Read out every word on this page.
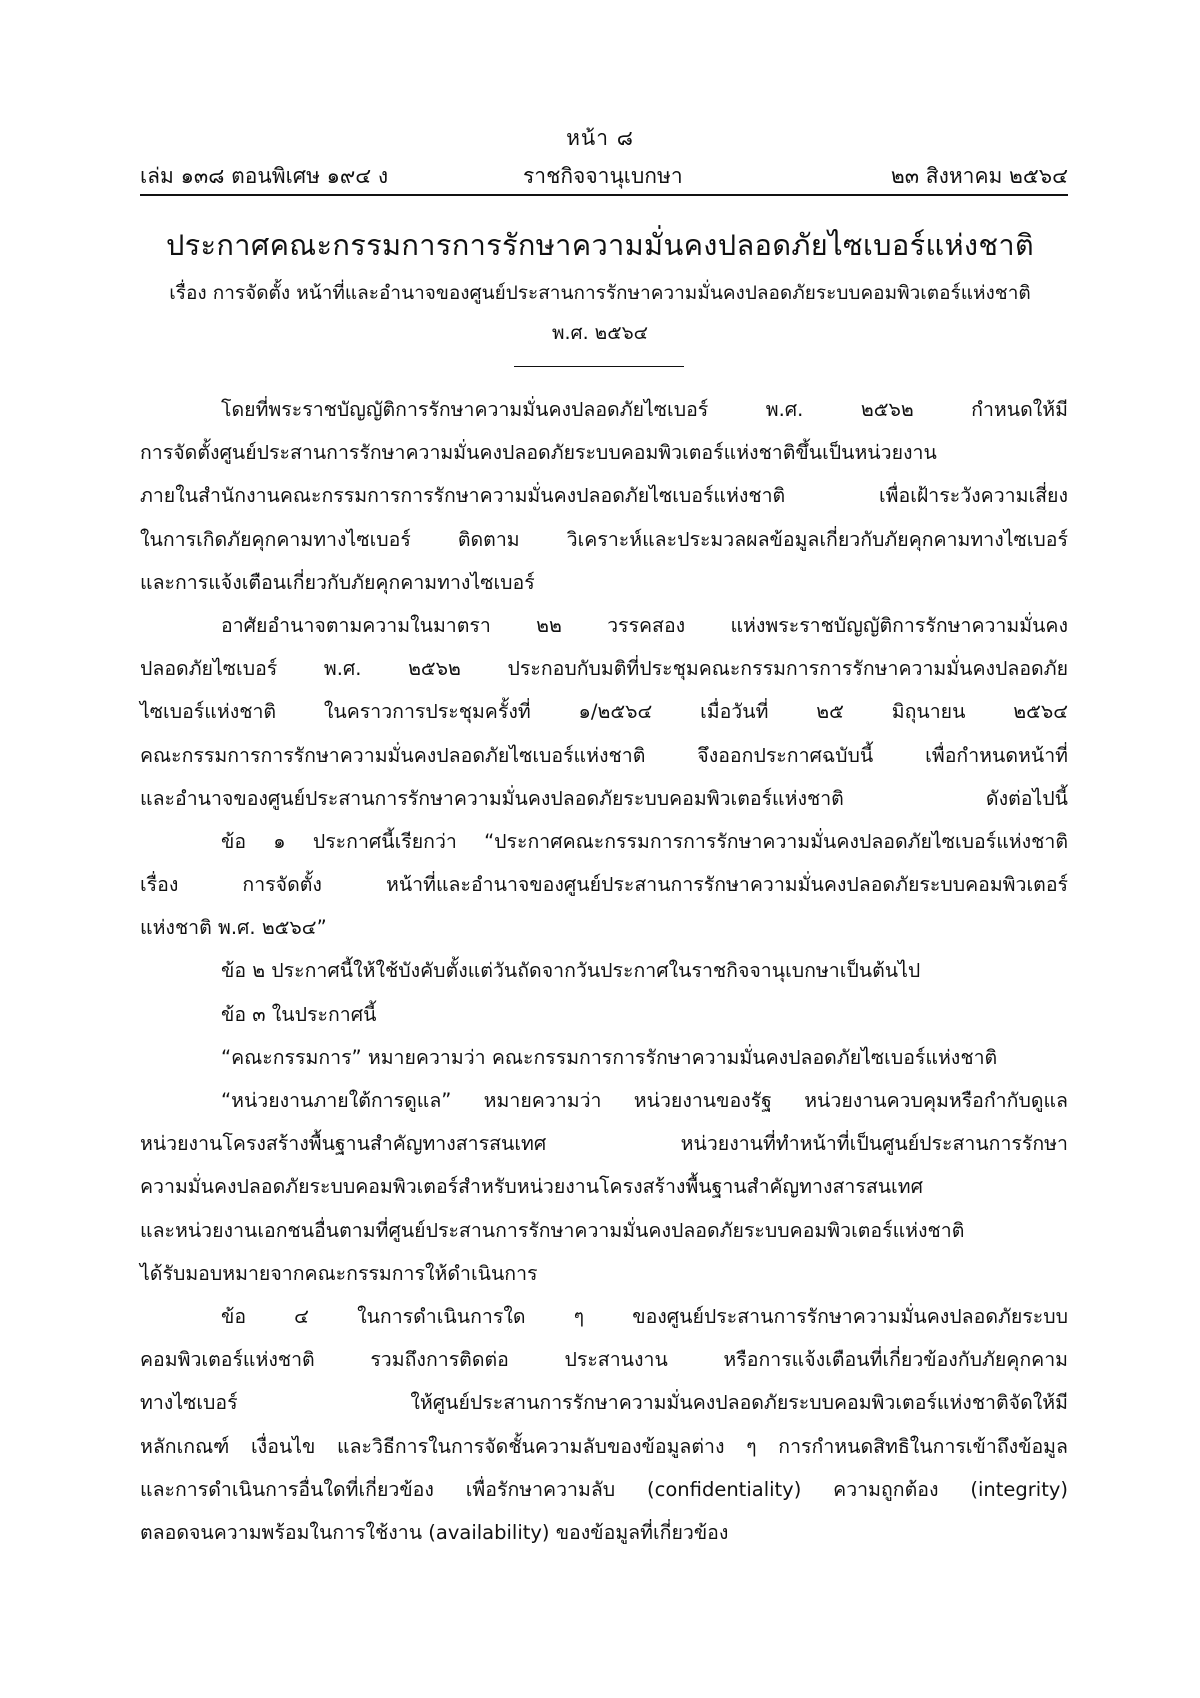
หน้า ๘
เล่ม ๑๓๘ ตอนพิเศษ ๑๙๔ ง	ราชกิจจานุเบกษา	๒๓ สิงหาคม ๒๕๖๔
ประกาศคณะกรรมการการรักษาความมั่นคงปลอดภัยไซเบอร์แห่งชาติ
เรื่อง การจัดตั้ง หน้าที่และอำนาจของศูนย์ประสานการรักษาความมั่นคงปลอดภัยระบบคอมพิวเตอร์แห่งชาติ
พ.ศ. ๒๕๖๔
โดยที่พระราชบัญญัติการรักษาความมั่นคงปลอดภัยไซเบอร์ พ.ศ. ๒๕๖๒ กำหนดให้มี
การจัดตั้งศูนย์ประสานการรักษาความมั่นคงปลอดภัยระบบคอมพิวเตอร์แห่งชาติขึ้นเป็นหน่วยงาน
ภายในสำนักงานคณะกรรมการการรักษาความมั่นคงปลอดภัยไซเบอร์แห่งชาติ เพื่อเฝ้าระวังความเสี่ยง
ในการเกิดภัยคุกคามทางไซเบอร์ ติดตาม วิเคราะห์และประมวลผลข้อมูลเกี่ยวกับภัยคุกคามทางไซเบอร์
และการแจ้งเตือนเกี่ยวกับภัยคุกคามทางไซเบอร์
อาศัยอำนาจตามความในมาตรา ๒๒ วรรคสอง แห่งพระราชบัญญัติการรักษาความมั่นคง
ปลอดภัยไซเบอร์ พ.ศ. ๒๕๖๒ ประกอบกับมติที่ประชุมคณะกรรมการการรักษาความมั่นคงปลอดภัย
ไซเบอร์แห่งชาติ ในคราวการประชุมครั้งที่ ๑/๒๕๖๔ เมื่อวันที่ ๒๕ มิถุนายน ๒๕๖๔
คณะกรรมการการรักษาความมั่นคงปลอดภัยไซเบอร์แห่งชาติ จึงออกประกาศฉบับนี้ เพื่อกำหนดหน้าที่
และอำนาจของศูนย์ประสานการรักษาความมั่นคงปลอดภัยระบบคอมพิวเตอร์แห่งชาติ ดังต่อไปนี้
ข้อ ๑ ประกาศนี้เรียกว่า “ประกาศคณะกรรมการการรักษาความมั่นคงปลอดภัยไซเบอร์แห่งชาติ
เรื่อง การจัดตั้ง หน้าที่และอำนาจของศูนย์ประสานการรักษาความมั่นคงปลอดภัยระบบคอมพิวเตอร์
แห่งชาติ พ.ศ. ๒๕๖๔”
ข้อ ๒ ประกาศนี้ให้ใช้บังคับตั้งแต่วันถัดจากวันประกาศในราชกิจจานุเบกษาเป็นต้นไป
ข้อ ๓ ในประกาศนี้
“คณะกรรมการ” หมายความว่า คณะกรรมการการรักษาความมั่นคงปลอดภัยไซเบอร์แห่งชาติ
“หน่วยงานภายใต้การดูแล” หมายความว่า หน่วยงานของรัฐ หน่วยงานควบคุมหรือกำกับดูแล
หน่วยงานโครงสร้างพื้นฐานสำคัญทางสารสนเทศ หน่วยงานที่ทำหน้าที่เป็นศูนย์ประสานการรักษา
ความมั่นคงปลอดภัยระบบคอมพิวเตอร์สำหรับหน่วยงานโครงสร้างพื้นฐานสำคัญทางสารสนเทศ
และหน่วยงานเอกชนอื่นตามที่ศูนย์ประสานการรักษาความมั่นคงปลอดภัยระบบคอมพิวเตอร์แห่งชาติ
ได้รับมอบหมายจากคณะกรรมการให้ดำเนินการ
ข้อ ๔ ในการดำเนินการใด ๆ ของศูนย์ประสานการรักษาความมั่นคงปลอดภัยระบบ
คอมพิวเตอร์แห่งชาติ รวมถึงการติดต่อ ประสานงาน หรือการแจ้งเตือนที่เกี่ยวข้องกับภัยคุกคาม
ทางไซเบอร์ ให้ศูนย์ประสานการรักษาความมั่นคงปลอดภัยระบบคอมพิวเตอร์แห่งชาติจัดให้มี
หลักเกณฑ์ เงื่อนไข และวิธีการในการจัดชั้นความลับของข้อมูลต่าง ๆ การกำหนดสิทธิในการเข้าถึงข้อมูล
และการดำเนินการอื่นใดที่เกี่ยวข้อง เพื่อรักษาความลับ (confidentiality) ความถูกต้อง (integrity)
ตลอดจนความพร้อมในการใช้งาน (availability) ของข้อมูลที่เกี่ยวข้อง
